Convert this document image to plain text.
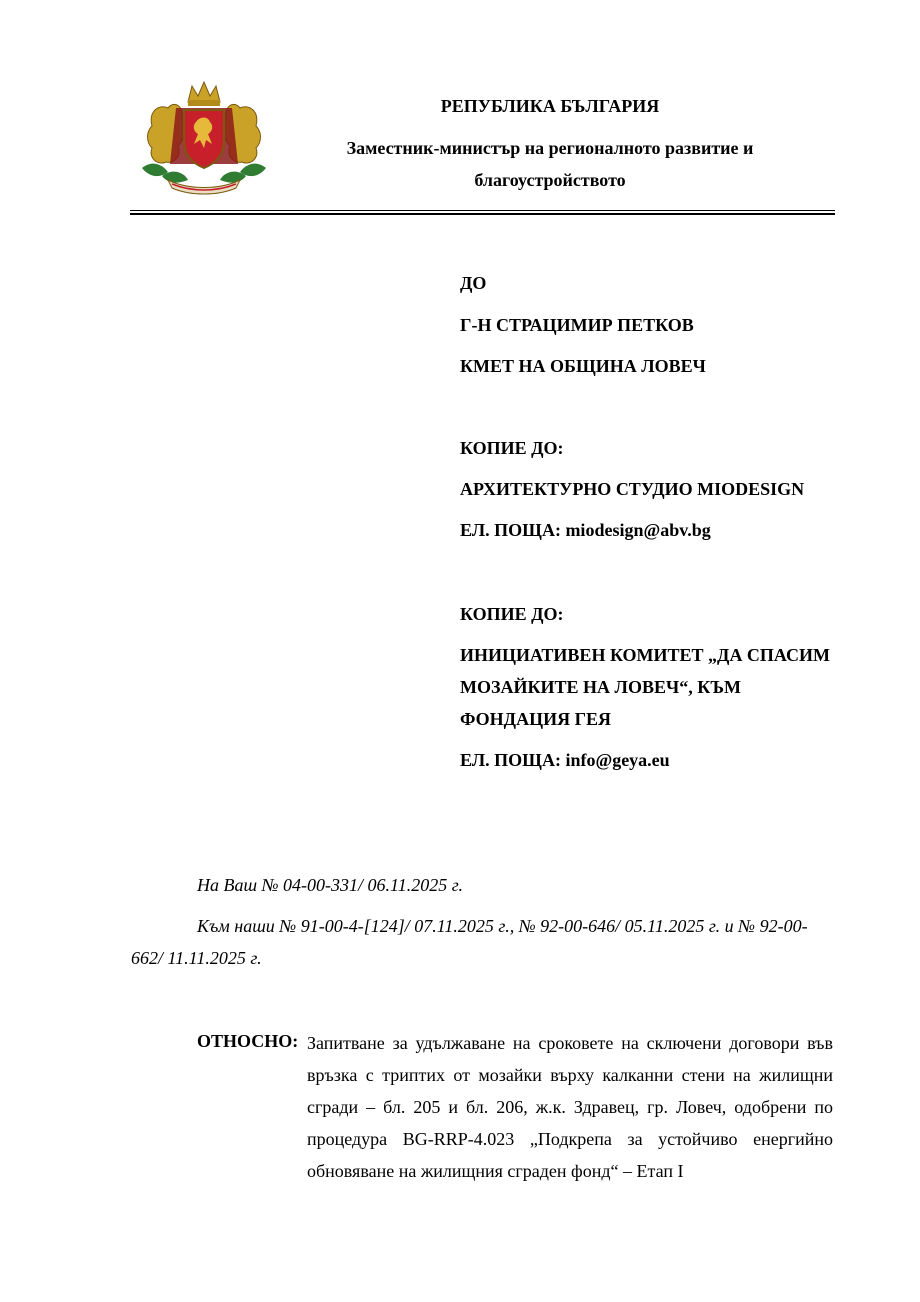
РЕПУБЛИКА БЪЛГАРИЯ
Заместник-министър на регионалното развитие и
благоустройството
ДО
Г-Н СТРАЦИМИР ПЕТКОВ
КМЕТ НА ОБЩИНА ЛОВЕЧ
КОПИЕ ДО:
АРХИТЕКТУРНО СТУДИО MIODESIGN
ЕЛ. ПОЩА: miodesign@abv.bg
КОПИЕ ДО:
ИНИЦИАТИВЕН КОМИТЕТ „ДА СПАСИМ
МОЗАЙКИТЕ НА ЛОВЕЧ“, КЪМ
ФОНДАЦИЯ ГЕЯ
ЕЛ. ПОЩА: info@geya.eu
На Ваш № 04-00-331/ 06.11.2025 г.
Към наши № 91-00-4-[124]/ 07.11.2025 г., № 92-00-646/ 05.11.2025 г. и № 92-00-
662/ 11.11.2025 г.
ОТНОСНО: Запитване за удължаване на сроковете на сключени договори във
връзка с триптих от мозайки върху калканни стени на жилищни
сгради – бл. 205 и бл. 206, ж.к. Здравец, гр. Ловеч, одобрени по
процедура BG-RRP-4.023 „Подкрепа за устойчиво енергийно
обновяване на жилищния сграден фонд“ – Етап I
